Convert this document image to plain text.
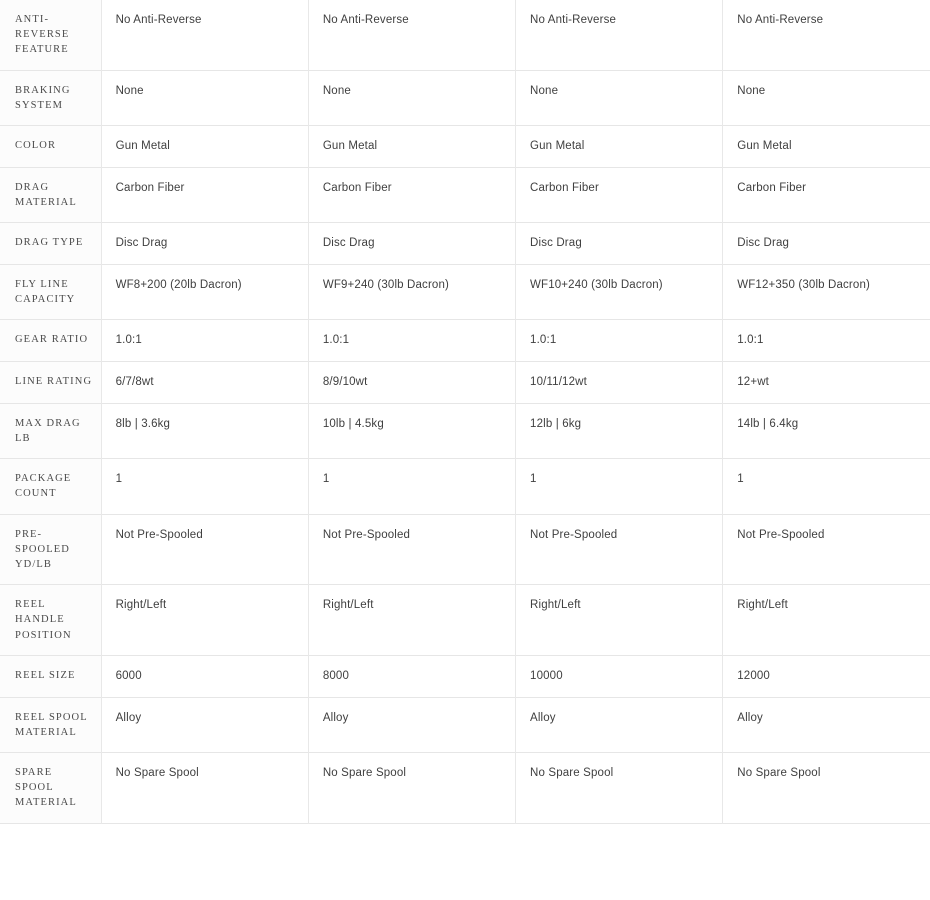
ANTI-REVERSE FEATURE	No Anti-Reverse	No Anti-Reverse	No Anti-Reverse	No Anti-Reverse
BRAKING SYSTEM	None	None	None	None
COLOR	Gun Metal	Gun Metal	Gun Metal	Gun Metal
DRAG MATERIAL	Carbon Fiber	Carbon Fiber	Carbon Fiber	Carbon Fiber
DRAG TYPE	Disc Drag	Disc Drag	Disc Drag	Disc Drag
FLY LINE CAPACITY	WF8+200 (20lb Dacron)	WF9+240 (30lb Dacron)	WF10+240 (30lb Dacron)	WF12+350 (30lb Dacron)
GEAR RATIO	1.0:1	1.0:1	1.0:1	1.0:1
LINE RATING	6/7/8wt	8/9/10wt	10/11/12wt	12+wt
MAX DRAG LB	8lb | 3.6kg	10lb | 4.5kg	12lb | 6kg	14lb | 6.4kg
PACKAGE COUNT	1	1	1	1
PRE-SPOOLED YD/LB	Not Pre-Spooled	Not Pre-Spooled	Not Pre-Spooled	Not Pre-Spooled
REEL HANDLE POSITION	Right/Left	Right/Left	Right/Left	Right/Left
REEL SIZE	6000	8000	10000	12000
REEL SPOOL MATERIAL	Alloy	Alloy	Alloy	Alloy
SPARE SPOOL MATERIAL	No Spare Spool	No Spare Spool	No Spare Spool	No Spare Spool
